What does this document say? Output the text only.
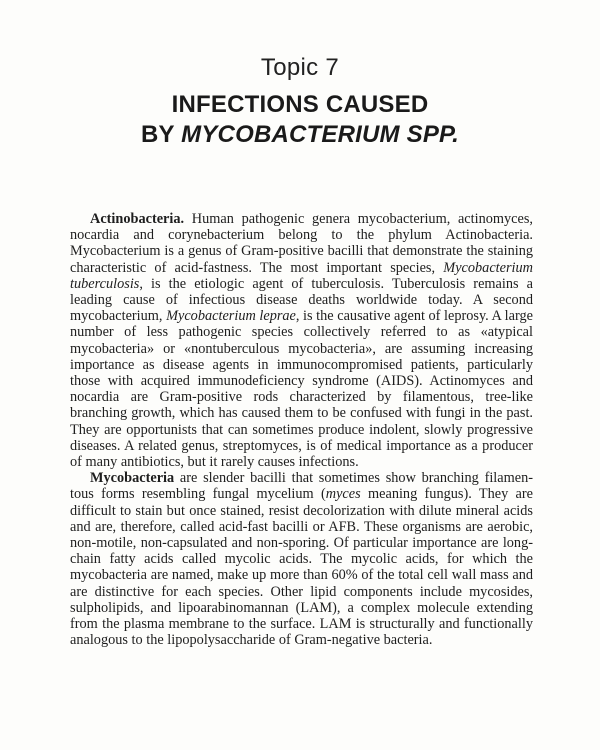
Topic 7
INFECTIONS CAUSED
BY MYCOBACTERIUM SPP.

Actinobacteria. Human pathogenic genera mycobacterium, actinomyces, nocardia and corynebacterium belong to the phylum Actinobacteria. Mycobacterium is a genus of Gram-positive bacilli that demonstrate the staining characteristic of acid-fastness. The most important species, Mycobacterium tuberculosis, is the etiologic agent of tuberculosis. Tuberculosis remains a leading cause of infectious disease deaths worldwide today. A second mycobacterium, Mycobacterium leprae, is the causative agent of leprosy. A large number of less pathogenic species collectively referred to as «atypical mycobacteria» or «nontuberculous mycobacteria», are assuming increasing importance as disease agents in immunocompromised patients, particularly those with acquired immunodeficiency syndrome (AIDS). Actinomyces and nocardia are Gram-positive rods characterized by filamentous, tree-like branching growth, which has caused them to be confused with fungi in the past. They are opportunists that can sometimes produce indolent, slowly progressive diseases. A related genus, streptomyces, is of medical importance as a producer of many antibiotics, but it rarely causes infections.

Mycobacteria are slender bacilli that sometimes show branching filamentous forms resembling fungal mycelium (myces meaning fungus). They are difficult to stain but once stained, resist decolorization with dilute mineral acids and are, therefore, called acid-fast bacilli or AFB. These organisms are aerobic, non-motile, non-capsulated and non-sporing. Of particular importance are long-chain fatty acids called mycolic acids. The mycolic acids, for which the mycobacteria are named, make up more than 60% of the total cell wall mass and are distinctive for each species. Other lipid components include mycosides, sulpholipids, and lipoarabinomannan (LAM), a complex molecule extending from the plasma membrane to the surface. LAM is structurally and functionally analogous to the lipopolysaccharide of Gram-negative bacteria.
